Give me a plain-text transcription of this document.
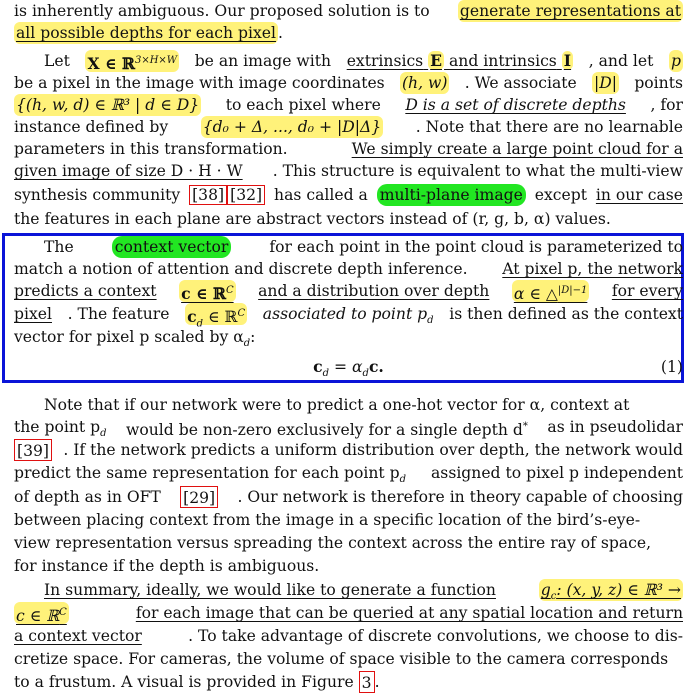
is inherently ambiguous. Our proposed solution is to generate representations at
all possible depths for each pixel .
Let X ∈ ℝ$^{3\times H\times W}$ be an image with extrinsics E and intrinsics I , and let p
be a pixel in the image with image coordinates (h, w) . We associate |D| points
{(h, w, d) ∈ ℝ³ | d ∈ D} to each pixel where D is a set of discrete depths , for
instance defined by {d₀ + Δ, ..., d₀ + |D|Δ} . Note that there are no learnable
parameters in this transformation.	We simply create a large point cloud for a
given image of size D · H · W . This structure is equivalent to what the multi-view
synthesis community [38] [32] has called a multi-plane image except in our case
the features in each plane are abstract vectors instead of (r, g, b, α) values.
The	context vector	for each point in the point cloud is parameterized to
match a notion of attention and discrete depth inference. At pixel p, the network
predicts a context c ∈ ℝ$^C$ and a distribution over depth α ∈ △$^{|D|-1}$ for every
pixel . The feature $c_d$ ∈ ℝ$^C$ associated to point $p_d$ is then defined as the context
vector for pixel p scaled by $\alpha_d$:
$c_d = \alpha_dc$.	(1)
Note that if our network were to predict a one-hot vector for α, context at
the point $p_d$ would be non-zero exclusively for a single depth d* as in pseudolidar
[39] . If the network predicts a uniform distribution over depth, the network would
predict the same representation for each point $p_d$ assigned to pixel p independent
of depth as in OFT [29] . Our network is therefore in theory capable of choosing
between placing context from the image in a specific location of the bird’s-eye-
view representation versus spreading the context across the entire ray of space,
for instance if the depth is ambiguous.
In summary, ideally, we would like to generate a function	$g_c$: (x, y, z) ∈ ℝ³ →
c ∈ ℝ$^C$	for each image that can be queried at any spatial location and return
a context vector	. To take advantage of discrete convolutions, we choose to dis-
cretize space. For cameras, the volume of space visible to the camera corresponds
to a frustum. A visual is provided in Figure 3 .
